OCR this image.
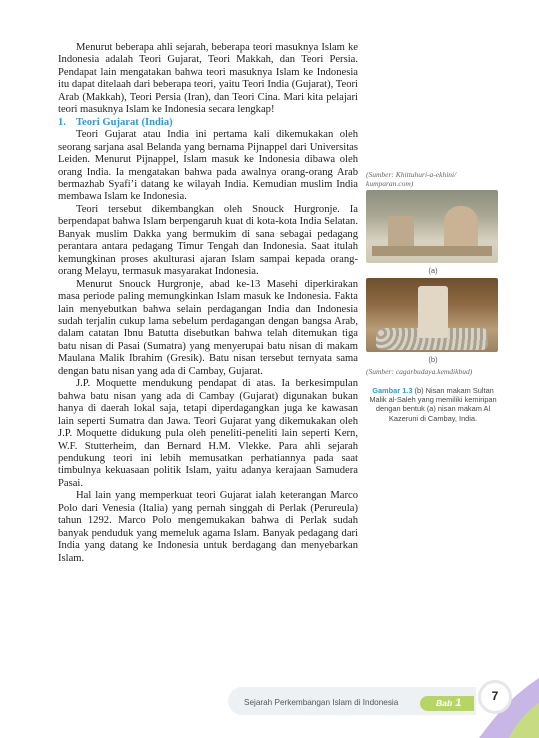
Menurut beberapa ahli sejarah, beberapa teori masuknya Islam ke Indonesia adalah Teori Gujarat, Teori Makkah, dan Teori Persia. Pendapat lain mengatakan bahwa teori masuknya Islam ke Indonesia itu dapat ditelaah dari beberapa teori, yaitu Teori India (Gujarat), Teori Arab (Makkah), Teori Persia (Iran), dan Teori Cina. Mari kita pelajari teori masuknya Islam ke Indonesia secara lengkap!

1. Teori Gujarat (India)

Teori Gujarat atau India ini pertama kali dikemukakan oleh seorang sarjana asal Belanda yang bernama Pijnappel dari Universitas Leiden. Menurut Pijnappel, Islam masuk ke Indonesia dibawa oleh orang India. Ia mengatakan bahwa pada awalnya orang-orang Arab bermazhab Syafi’i datang ke wilayah India. Kemudian muslim India membawa Islam ke Indonesia.

Teori tersebut dikembangkan oleh Snouck Hurgronje. Ia berpendapat bahwa Islam berpengaruh kuat di kota-kota India Selatan. Banyak muslim Dakka yang bermukim di sana sebagai pedagang perantara antara pedagang Timur Tengah dan Indonesia. Saat itulah kemungkinan proses akulturasi ajaran Islam sampai kepada orang-orang Melayu, termasuk masyarakat Indonesia.

Menurut Snouck Hurgronje, abad ke-13 Masehi diperkirakan masa periode paling memungkinkan Islam masuk ke Indonesia. Fakta lain menyebutkan bahwa selain perdagangan India dan Indonesia sudah terjalin cukup lama sebelum perdagangan dengan bangsa Arab, dalam catatan Ibnu Batutta disebutkan bahwa telah ditemukan tiga batu nisan di Pasai (Sumatra) yang menyerupai batu nisan di makam Maulana Malik Ibrahim (Gresik). Batu nisan tersebut ternyata sama dengan batu nisan yang ada di Cambay, Gujarat.

J.P. Moquette mendukung pendapat di atas. Ia berkesimpulan bahwa batu nisan yang ada di Cambay (Gujarat) digunakan bukan hanya di daerah lokal saja, tetapi diperdagangkan juga ke kawasan lain seperti Sumatra dan Jawa. Teori Gujarat yang dikemukakan oleh J.P. Moquette didukung pula oleh peneliti-peneliti lain seperti Kern, W.F. Stutterheim, dan Bernard H.M. Vlekke. Para ahli sejarah pendukung teori ini lebih memusatkan perhatiannya pada saat timbulnya kekuasaan politik Islam, yaitu adanya kerajaan Samudera Pasai.

Hal lain yang memperkuat teori Gujarat ialah keterangan Marco Polo dari Venesia (Italia) yang pernah singgah di Perlak (Perureula) tahun 1292. Marco Polo mengemukakan bahwa di Perlak sudah banyak penduduk yang memeluk agama Islam. Banyak pedagang dari India yang datang ke Indonesia untuk berdagang dan menyebarkan Islam.

(Sumber: Khittuhuri-a-ekhini/ kumparan.com)
(a)
(b)
(Sumber: cagarbudaya.kemdikbud)
Gambar 1.3 (b) Nisan makam Sultan Malik al-Saleh yang memiliki kemiripan dengan bentuk (a) nisan makam Al Kazeruni di Cambay, India.
Sejarah Perkembangan Islam di Indonesia	Bab 1	7
